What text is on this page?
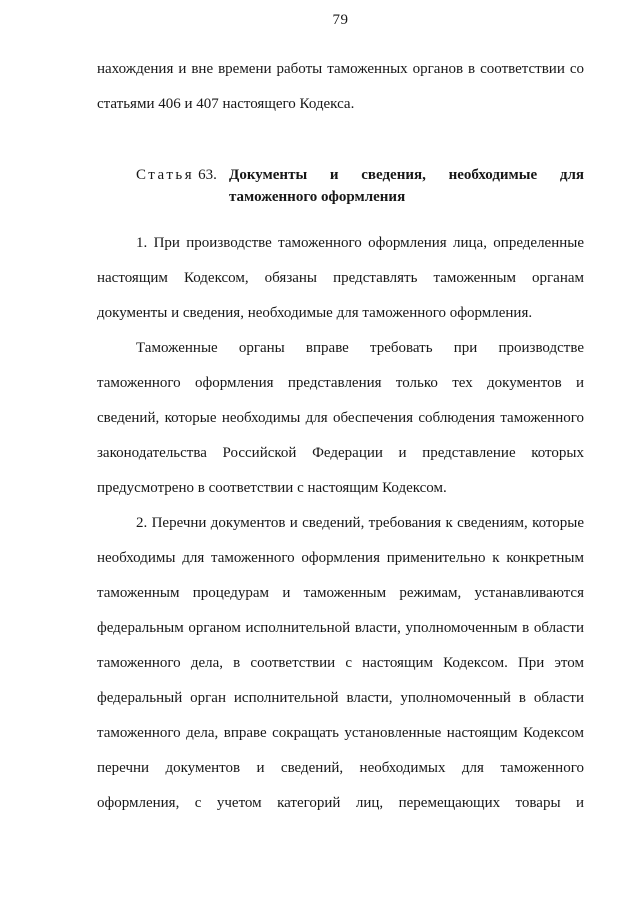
79
нахождения и вне времени работы таможенных органов в соответствии со
статьями 406 и 407 настоящего Кодекса.
Статья 63. Документы и сведения, необходимые для
таможенного оформления
1. При производстве таможенного оформления лица, определенные
настоящим Кодексом, обязаны представлять таможенным органам
документы и сведения, необходимые для таможенного оформления.
Таможенные органы вправе требовать при производстве
таможенного оформления представления только тех документов и
сведений, которые необходимы для обеспечения соблюдения таможенного
законодательства Российской Федерации и представление которых
предусмотрено в соответствии с настоящим Кодексом.
2. Перечни документов и сведений, требования к сведениям, которые
необходимы для таможенного оформления применительно к конкретным
таможенным процедурам и таможенным режимам, устанавливаются
федеральным органом исполнительной власти, уполномоченным в области
таможенного дела, в соответствии с настоящим Кодексом. При этом
федеральный орган исполнительной власти, уполномоченный в области
таможенного дела, вправе сокращать установленные настоящим Кодексом
перечни документов и сведений, необходимых для таможенного
оформления, с учетом категорий лиц, перемещающих товары и
